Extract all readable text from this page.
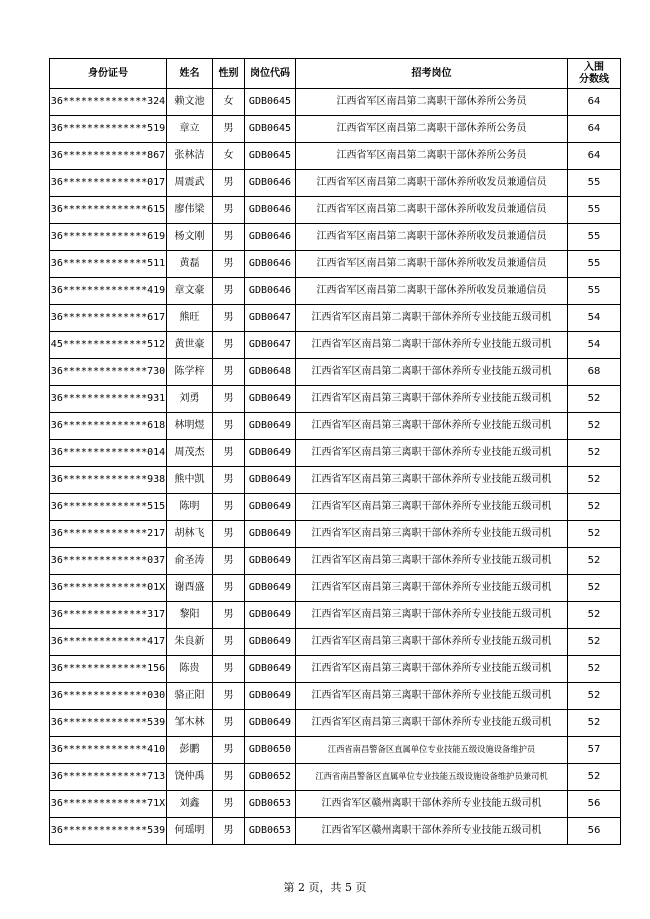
身份证号	姓名	性别	岗位代码	招考岗位	入围
分数线

36**************324	赖文池	女	GDB0645	江西省军区南昌第二离职干部休养所公务员	64
36**************519	章立	男	GDB0645	江西省军区南昌第二离职干部休养所公务员	64
36**************867	张林洁	女	GDB0645	江西省军区南昌第二离职干部休养所公务员	64
36**************017	周震武	男	GDB0646	江西省军区南昌第二离职干部休养所收发员兼通信员	55
36**************615	廖伟梁	男	GDB0646	江西省军区南昌第二离职干部休养所收发员兼通信员	55
36**************619	杨文刚	男	GDB0646	江西省军区南昌第二离职干部休养所收发员兼通信员	55
36**************511	黄磊	男	GDB0646	江西省军区南昌第二离职干部休养所收发员兼通信员	55
36**************419	章文豪	男	GDB0646	江西省军区南昌第二离职干部休养所收发员兼通信员	55
36**************617	熊旺	男	GDB0647	江西省军区南昌第二离职干部休养所专业技能五级司机	54
45**************512	黄世豪	男	GDB0647	江西省军区南昌第二离职干部休养所专业技能五级司机	54
36**************730	陈学梓	男	GDB0648	江西省军区南昌第二离职干部休养所专业技能五级司机	68
36**************931	刘勇	男	GDB0649	江西省军区南昌第三离职干部休养所专业技能五级司机	52
36**************618	林明煜	男	GDB0649	江西省军区南昌第三离职干部休养所专业技能五级司机	52
36**************014	周茂杰	男	GDB0649	江西省军区南昌第三离职干部休养所专业技能五级司机	52
36**************938	熊中凯	男	GDB0649	江西省军区南昌第三离职干部休养所专业技能五级司机	52
36**************515	陈明	男	GDB0649	江西省军区南昌第三离职干部休养所专业技能五级司机	52
36**************217	胡林飞	男	GDB0649	江西省军区南昌第三离职干部休养所专业技能五级司机	52
36**************037	俞圣涛	男	GDB0649	江西省军区南昌第三离职干部休养所专业技能五级司机	52
36**************01X	谢酉盛	男	GDB0649	江西省军区南昌第三离职干部休养所专业技能五级司机	52
36**************317	黎阳	男	GDB0649	江西省军区南昌第三离职干部休养所专业技能五级司机	52
36**************417	朱良新	男	GDB0649	江西省军区南昌第三离职干部休养所专业技能五级司机	52
36**************156	陈贵	男	GDB0649	江西省军区南昌第三离职干部休养所专业技能五级司机	52
36**************030	骆正阳	男	GDB0649	江西省军区南昌第三离职干部休养所专业技能五级司机	52
36**************539	邹木林	男	GDB0649	江西省军区南昌第三离职干部休养所专业技能五级司机	52
36**************410	彭鹏	男	GDB0650	江西省南昌警备区直属单位专业技能五级设施设备维护员	57
36**************713	饶仲禹	男	GDB0652	江西省南昌警备区直属单位专业技能五级设施设备维护员兼司机	52
36**************71X	刘鑫	男	GDB0653	江西省军区赣州离职干部休养所专业技能五级司机	56
36**************539	何瑶明	男	GDB0653	江西省军区赣州离职干部休养所专业技能五级司机	56
第 2 页，共 5 页
